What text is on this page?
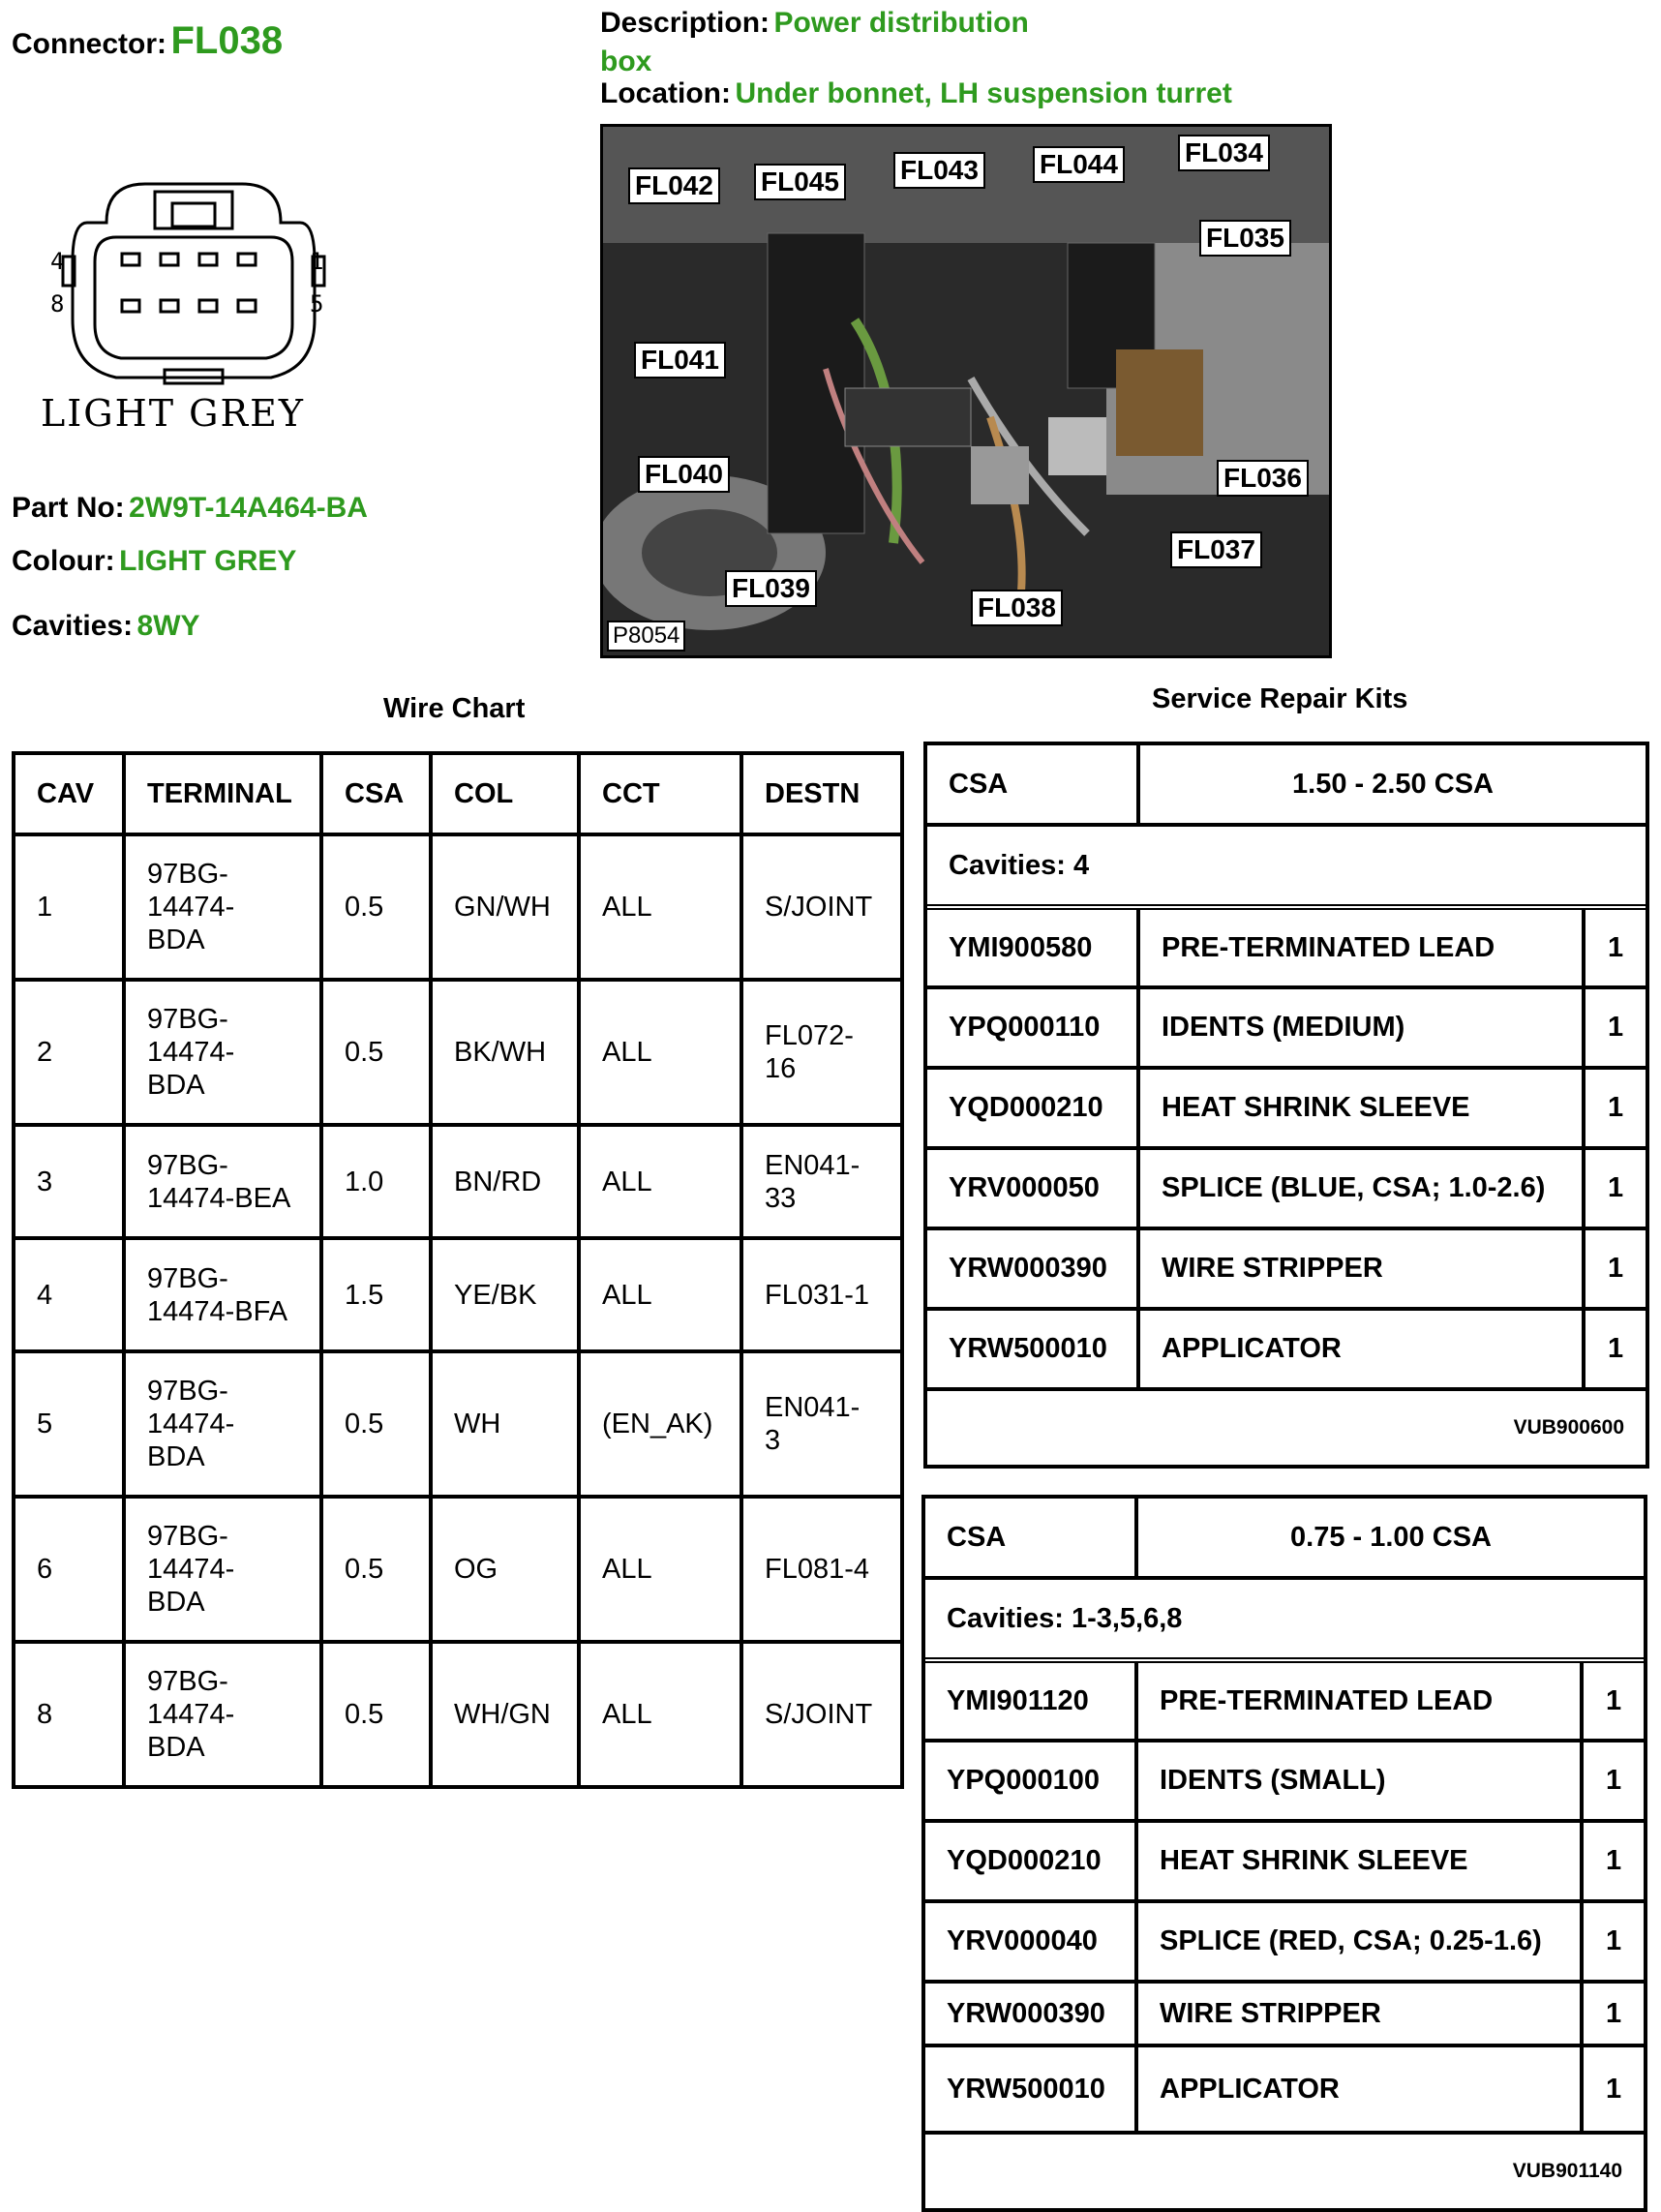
Connector: FL038	Description: Power distribution
box
Location: Under bonnet, LH suspension turret
4
8
1
5
LIGHT GREY
Part No: 2W9T-14A464-BA
Colour: LIGHT GREY
Cavities: 8WY
FL042 FL045 FL043 FL044 FL034
FL035
FL041
FL040
FL039
FL038
FL037
FL036
P8054
Wire Chart
CAV	TERMINAL	CSA	COL	CCT	DESTN
1	97BG-
14474-
BDA	0.5	GN/WH	ALL	S/JOINT
2	97BG-
14474-
BDA	0.5	BK/WH	ALL	FL072-
16
3	97BG-
14474-BEA	1.0	BN/RD	ALL	EN041-
33
4	97BG-
14474-BFA	1.5	YE/BK	ALL	FL031-1
5	97BG-
14474-
BDA	0.5	WH	(EN_AK)	EN041-
3
6	97BG-
14474-
BDA	0.5	OG	ALL	FL081-4
8	97BG-
14474-
BDA	0.5	WH/GN	ALL	S/JOINT
Service Repair Kits
CSA	1.50 - 2.50 CSA	
Cavities: 4		
YMI900580	PRE-TERMINATED LEAD	1
YPQ000110	IDENTS (MEDIUM)	1
YQD000210	HEAT SHRINK SLEEVE	1
YRV000050	SPLICE (BLUE, CSA; 1.0-2.6)	1
YRW000390	WIRE STRIPPER	1
YRW500010	APPLICATOR	1
VUB900600		
CSA	0.75 - 1.00 CSA	
Cavities: 1-3,5,6,8		
YMI901120	PRE-TERMINATED LEAD	1
YPQ000100	IDENTS (SMALL)	1
YQD000210	HEAT SHRINK SLEEVE	1
YRV000040	SPLICE (RED, CSA; 0.25-1.6)	1
YRW000390	WIRE STRIPPER	1
YRW500010	APPLICATOR	1
VUB901140		
